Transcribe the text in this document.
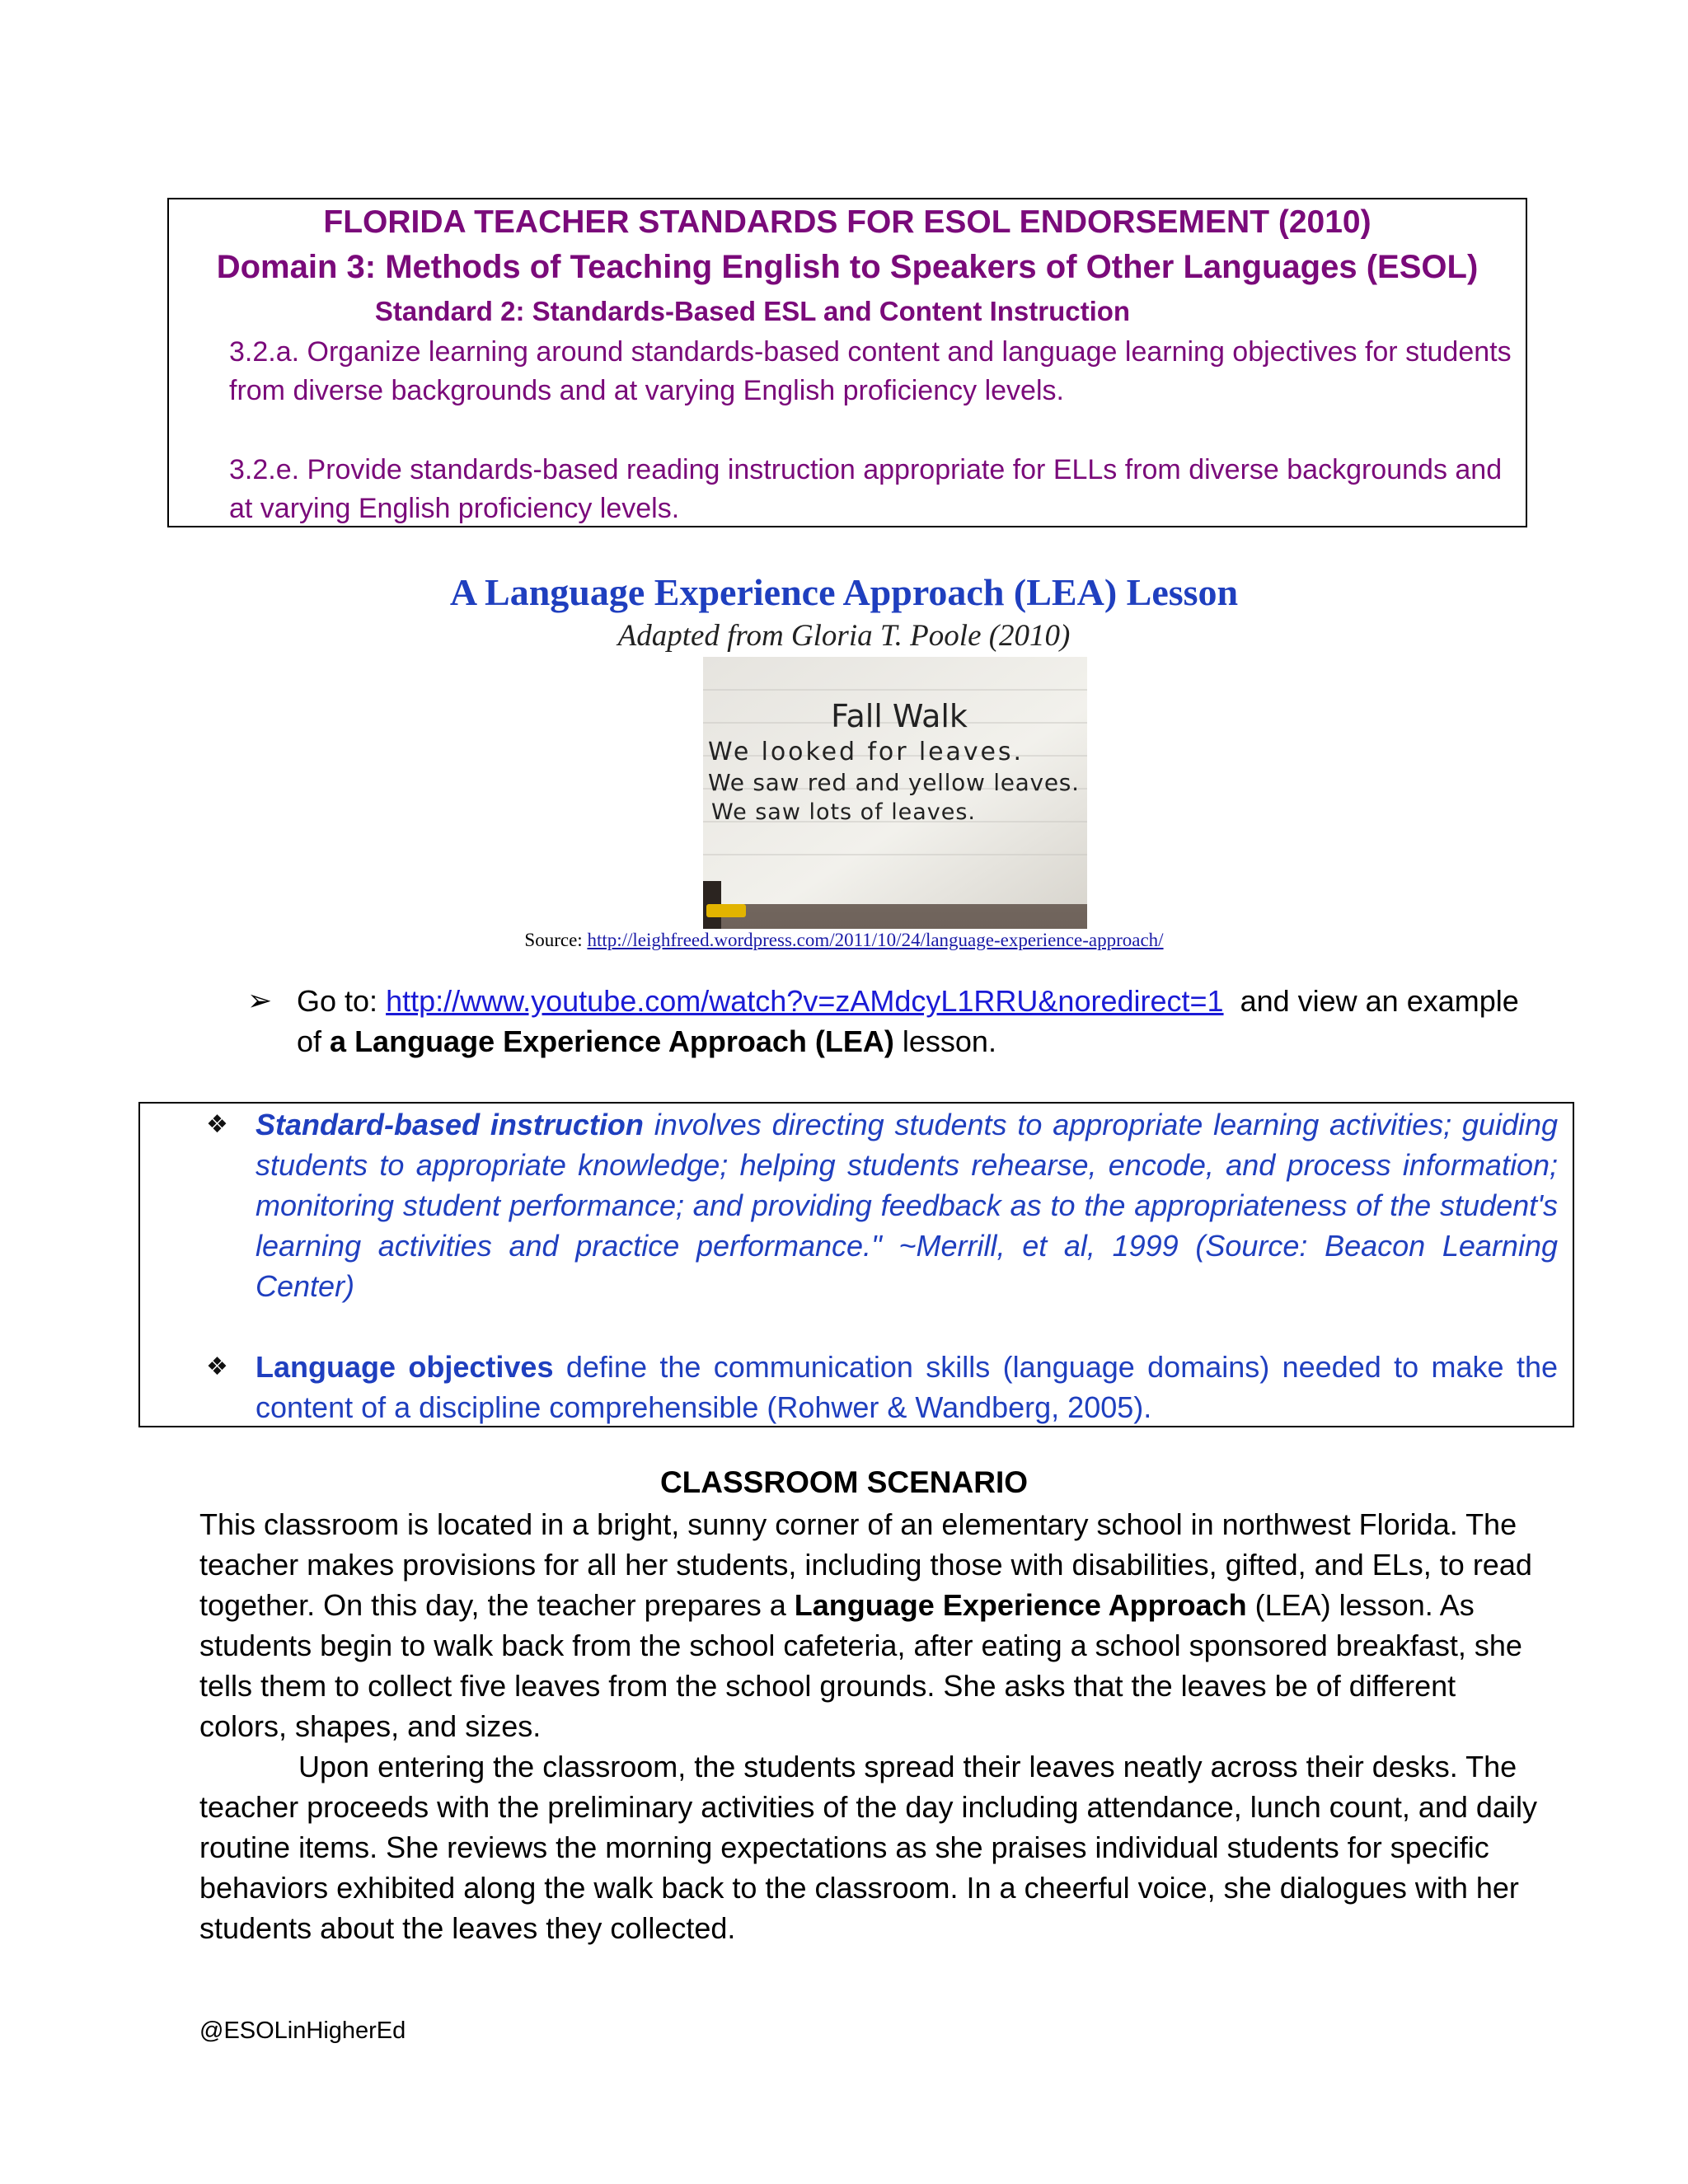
FLORIDA TEACHER STANDARDS FOR ESOL ENDORSEMENT (2010)
Domain 3: Methods of Teaching English to Speakers of Other Languages (ESOL)
Standard 2: Standards-Based ESL and Content Instruction
3.2.a. Organize learning around standards-based content and language learning objectives for students from diverse backgrounds and at varying English proficiency levels.
3.2.e. Provide standards-based reading instruction appropriate for ELLs from diverse backgrounds and at varying English proficiency levels.
A Language Experience Approach (LEA) Lesson
Adapted from Gloria T. Poole (2010)
Fall Walk
We looked for leaves.
We saw red and yellow leaves.
We saw lots of leaves.
Source: http://leighfreed.wordpress.com/2011/10/24/language-experience-approach/
➢ Go to: http://www.youtube.com/watch?v=zAMdcyL1RRU&noredirect=1 and view an example of a Language Experience Approach (LEA) lesson.
❖ Standard-based instruction involves directing students to appropriate learning activities; guiding students to appropriate knowledge; helping students rehearse, encode, and process information; monitoring student performance; and providing feedback as to the appropriateness of the student's learning activities and practice performance." ~Merrill, et al, 1999 (Source: Beacon Learning Center)
❖ Language objectives define the communication skills (language domains) needed to make the content of a discipline comprehensible (Rohwer & Wandberg, 2005).
CLASSROOM SCENARIO

This classroom is located in a bright, sunny corner of an elementary school in northwest Florida. The teacher makes provisions for all her students, including those with disabilities, gifted, and ELs, to read together. On this day, the teacher prepares a Language Experience Approach (LEA) lesson. As students begin to walk back from the school cafeteria, after eating a school sponsored breakfast, she tells them to collect five leaves from the school grounds. She asks that the leaves be of different colors, shapes, and sizes.

Upon entering the classroom, the students spread their leaves neatly across their desks. The teacher proceeds with the preliminary activities of the day including attendance, lunch count, and daily routine items. She reviews the morning expectations as she praises individual students for specific behaviors exhibited along the walk back to the classroom. In a cheerful voice, she dialogues with her students about the leaves they collected.

@ESOLinHigherEd
